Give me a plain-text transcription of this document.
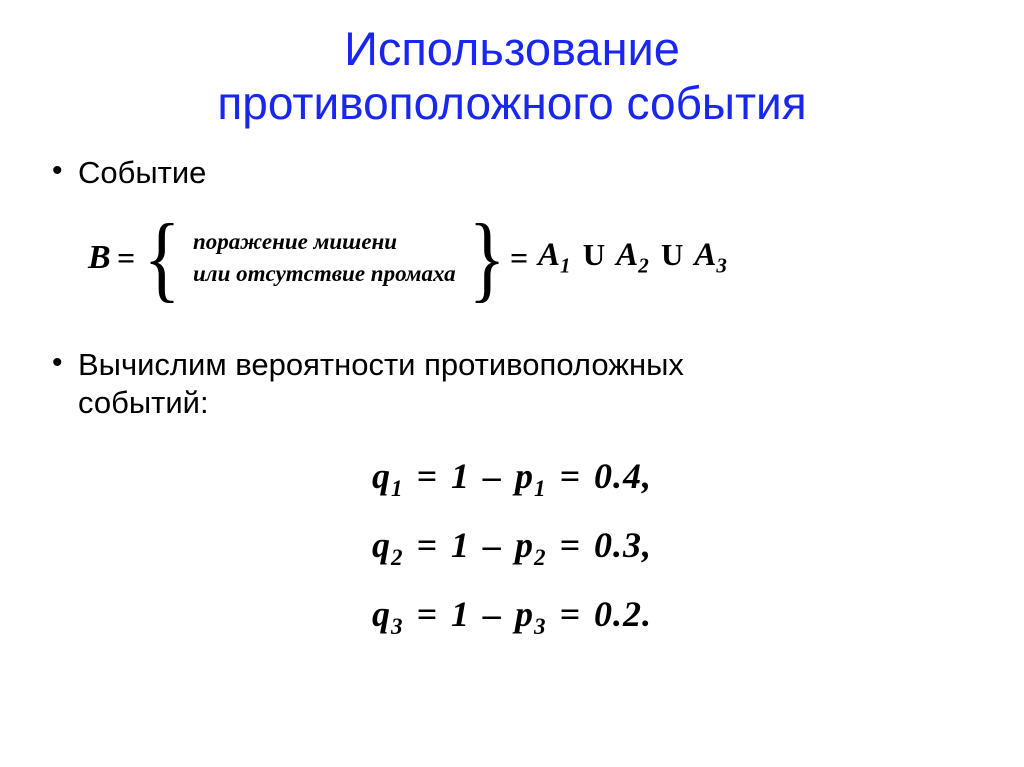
Использование
противоположного события
• Событие
B = { поражение мишени
или отсутствие промаха } = $A_1$ U $A_2$ U $A_3$
• Вычислим вероятности противоположных событий:
$q_1 = 1 - p_1 = 0.4$,
$q_2 = 1 - p_2 = 0.3$,
$q_3 = 1 - p_3 = 0.2$.
